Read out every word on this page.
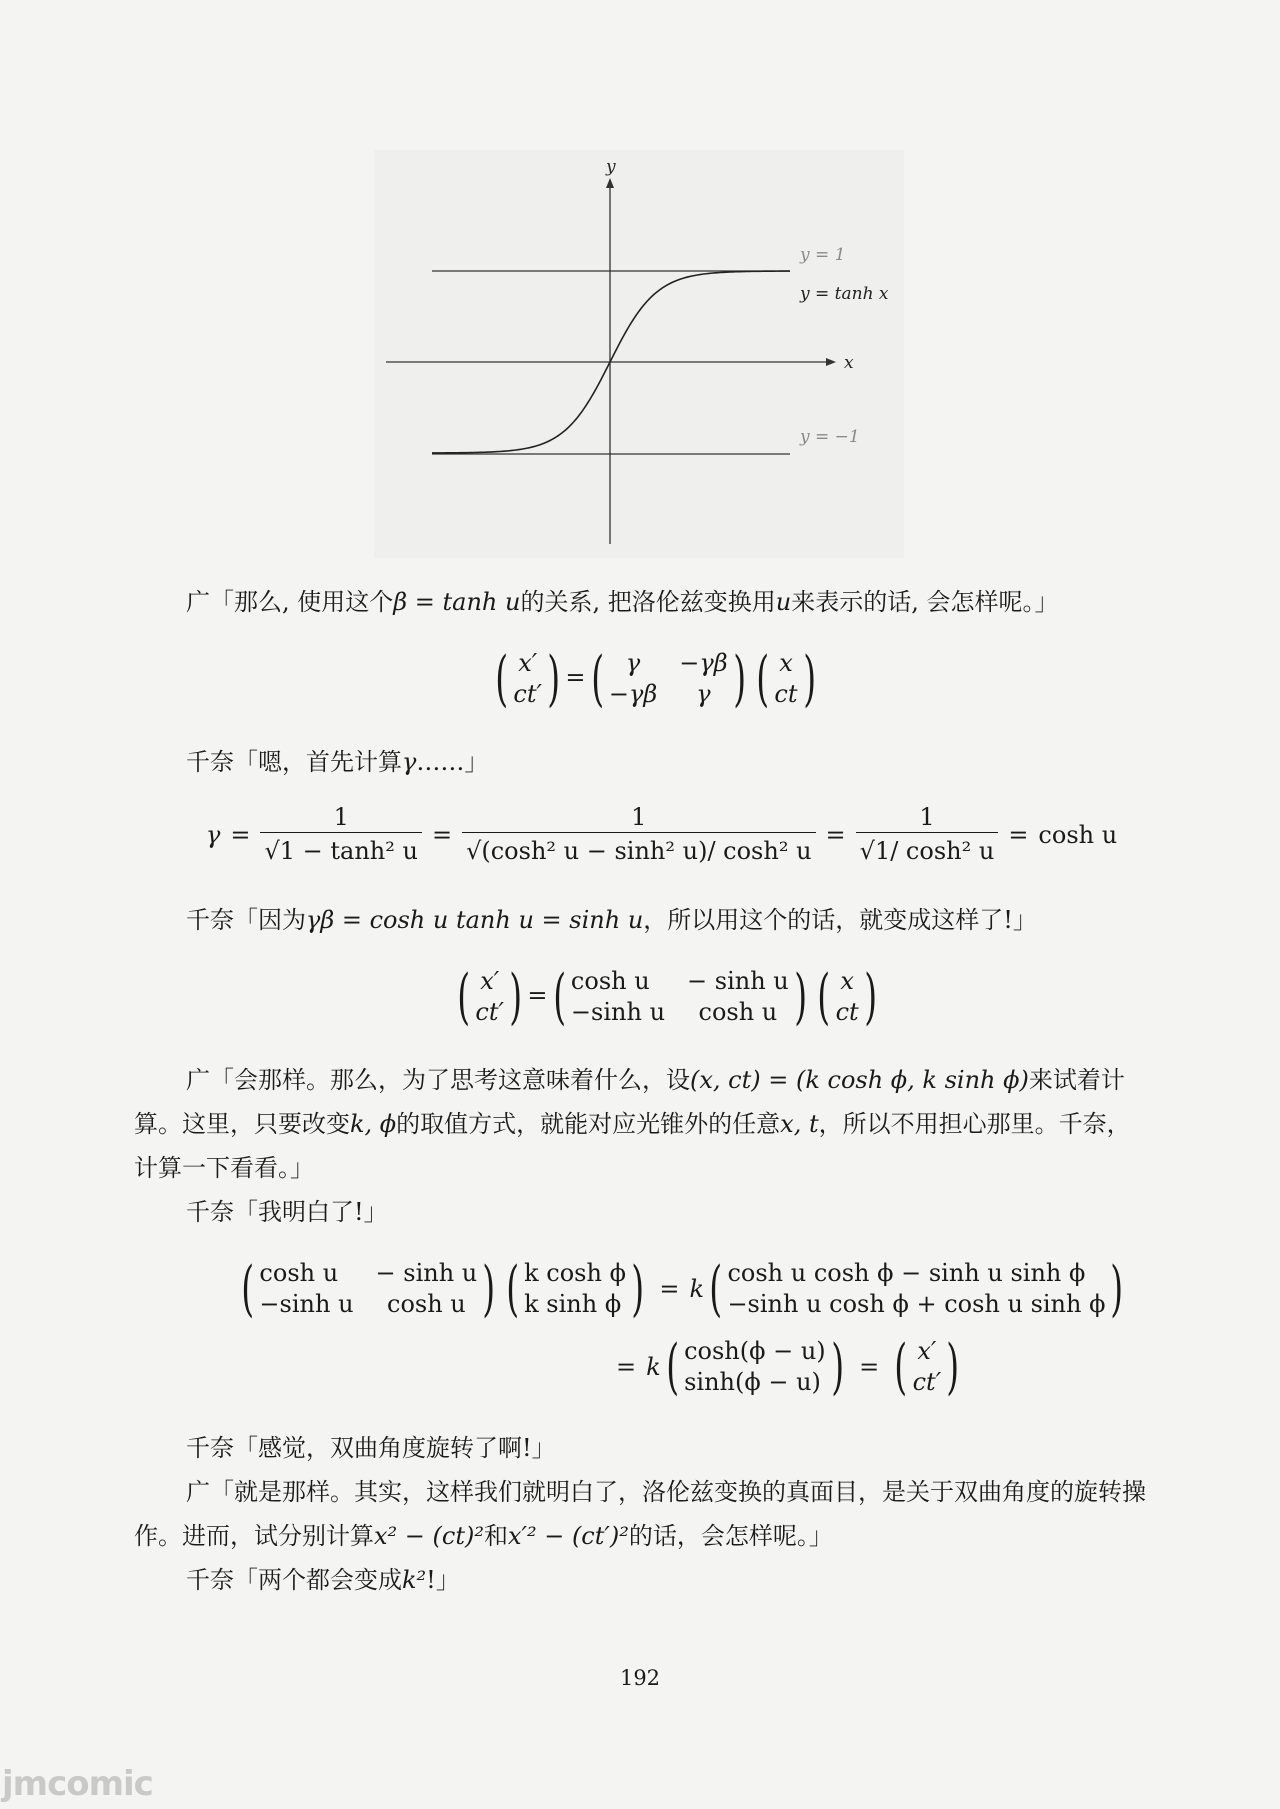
y
x
y = 1
y = tanh x
y = −1
广「那么, 使用这个β = tanh u的关系, 把洛伦兹变换用u来表示的话, 会怎样呢。」
( x′
ct′ ) = ( γ
−γβ
−γβ
γ ) ( x
ct )
千奈「嗯，首先计算γ……」
$\gamma = \frac{1}{\text{√1 − tanh² u}} = \frac{1}{\text{√(cosh² u − sinh² u)/ cosh² u}} = \frac{1}{\text{√1/ cosh² u}} = \cosh u$
千奈「因为γβ = cosh u tanh u = sinh u，所以用这个的话，就变成这样了!」
( x′
ct′ ) = ( cosh u
−sinh u
− sinh u
cosh u ) ( x
ct )
广「会那样。那么，为了思考这意味着什么，设(x, ct) = (k cosh ϕ, k sinh ϕ)来试着计算。这里，只要改变k, ϕ的取值方式，就能对应光锥外的任意x, t，所以不用担心那里。千奈，计算一下看看。」
千奈「我明白了!」
( cosh u
−sinh u
− sinh u
cosh u ) ( k cosh ϕ
k sinh ϕ ) = k ( cosh u cosh ϕ − sinh u sinh ϕ
−sinh u cosh ϕ + cosh u sinh ϕ )
= k ( cosh(ϕ − u)
sinh(ϕ − u) ) = ( x′
ct′ )
千奈「感觉，双曲角度旋转了啊!」
广「就是那样。其实，这样我们就明白了，洛伦兹变换的真面目，是关于双曲角度的旋转操作。进而，试分别计算x² − (ct)²和x′² − (ct′)²的话，会怎样呢。」
千奈「两个都会变成k²!」
192
jmcomic
